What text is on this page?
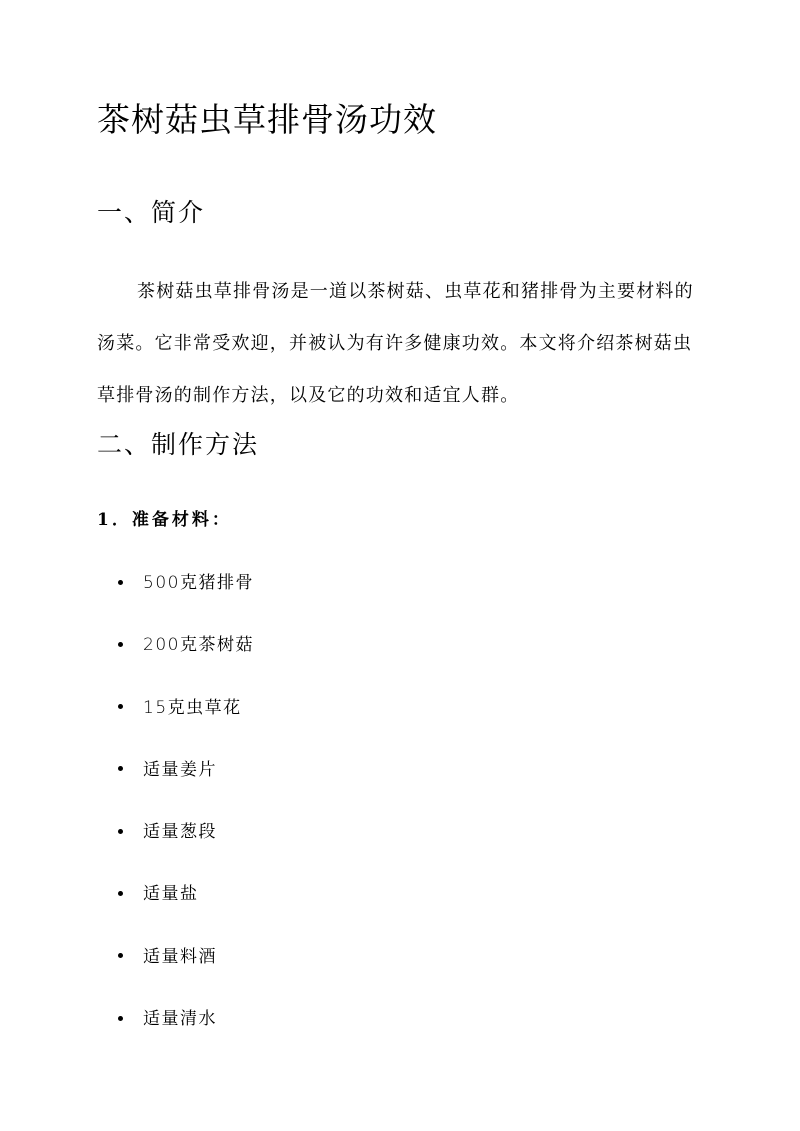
茶树菇虫草排骨汤功效
一、简介

茶树菇虫草排骨汤是一道以茶树菇、虫草花和猪排骨为主要材料的汤菜。它非常受欢迎，并被认为有许多健康功效。本文将介绍茶树菇虫草排骨汤的制作方法，以及它的功效和适宜人群。

二、制作方法
1．准备材料：
500克猪排骨
200克茶树菇
15克虫草花
适量姜片
适量葱段
适量盐
适量料酒
适量清水
